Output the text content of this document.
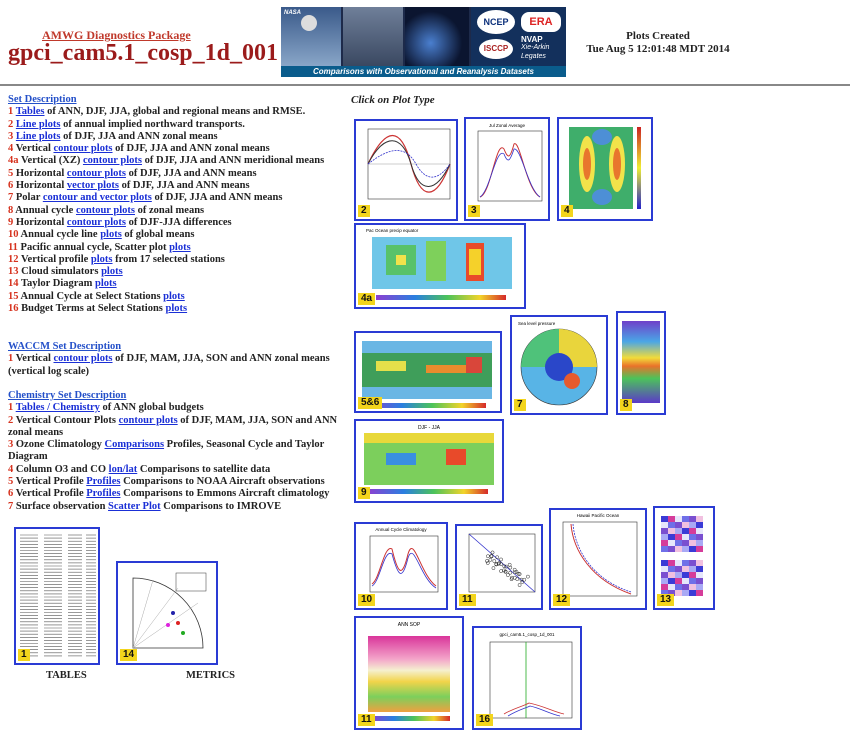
AMWG Diagnostics Package
gpci_cam5.1_cosp_1d_001
NCEP	ERA
ISCCP
NVAP
Xie-Arkin
Legates
NASA
Comparisons with Observational and Reanalysis Datasets
Plots Created
Tue Aug 5 12:01:48 MDT 2014
Set Description

1 Tables of ANN, DJF, JJA, global and regional means and RMSE.

2 Line plots of annual implied northward transports.

3 Line plots of DJF, JJA and ANN zonal means

4 Vertical contour plots of DJF, JJA and ANN zonal means

4a Vertical (XZ) contour plots of DJF, JJA and ANN meridional means

5 Horizontal contour plots of DJF, JJA and ANN means

6 Horizontal vector plots of DJF, JJA and ANN means

7 Polar contour and vector plots of DJF, JJA and ANN means

8 Annual cycle contour plots of zonal means

9 Horizontal contour plots of DJF-JJA differences

10 Annual cycle line plots of global means

11 Pacific annual cycle, Scatter plot plots

12 Vertical profile plots from 17 selected stations

13 Cloud simulators plots

14 Taylor Diagram plots

15 Annual Cycle at Select Stations plots

16 Budget Terms at Select Stations plots

WACCM Set Description

1 Vertical contour plots of DJF, MAM, JJA, SON and ANN zonal means (vertical log scale)

Chemistry Set Description

1 Tables / Chemistry of ANN global budgets

2 Vertical Contour Plots contour plots of DJF, MAM, JJA, SON and ANN zonal means

3 Ozone Climatology Comparisons Profiles, Seasonal Cycle and Taylor Diagram

4 Column O3 and CO lon/lat Comparisons to satellite data

5 Vertical Profile Profiles Comparisons to NOAA Aircraft observations

6 Vertical Profile Profiles Comparisons to Emmons Aircraft climatology

7 Surface observation Scatter Plot Comparisons to IMROVE

1	14
TABLES	METRICS
Click on Plot Type
2
Jul Zonal Average
3	4
Pac Ocean precip equator
4a
5&6
Sea level pressure
7	8
DJF - JJA
9
Annual Cycle Climatology
10	11
Hawaii Pacific Ocean
12	13
ANN SOP
11
gpci_cam5.1_cosp_1d_001
16
